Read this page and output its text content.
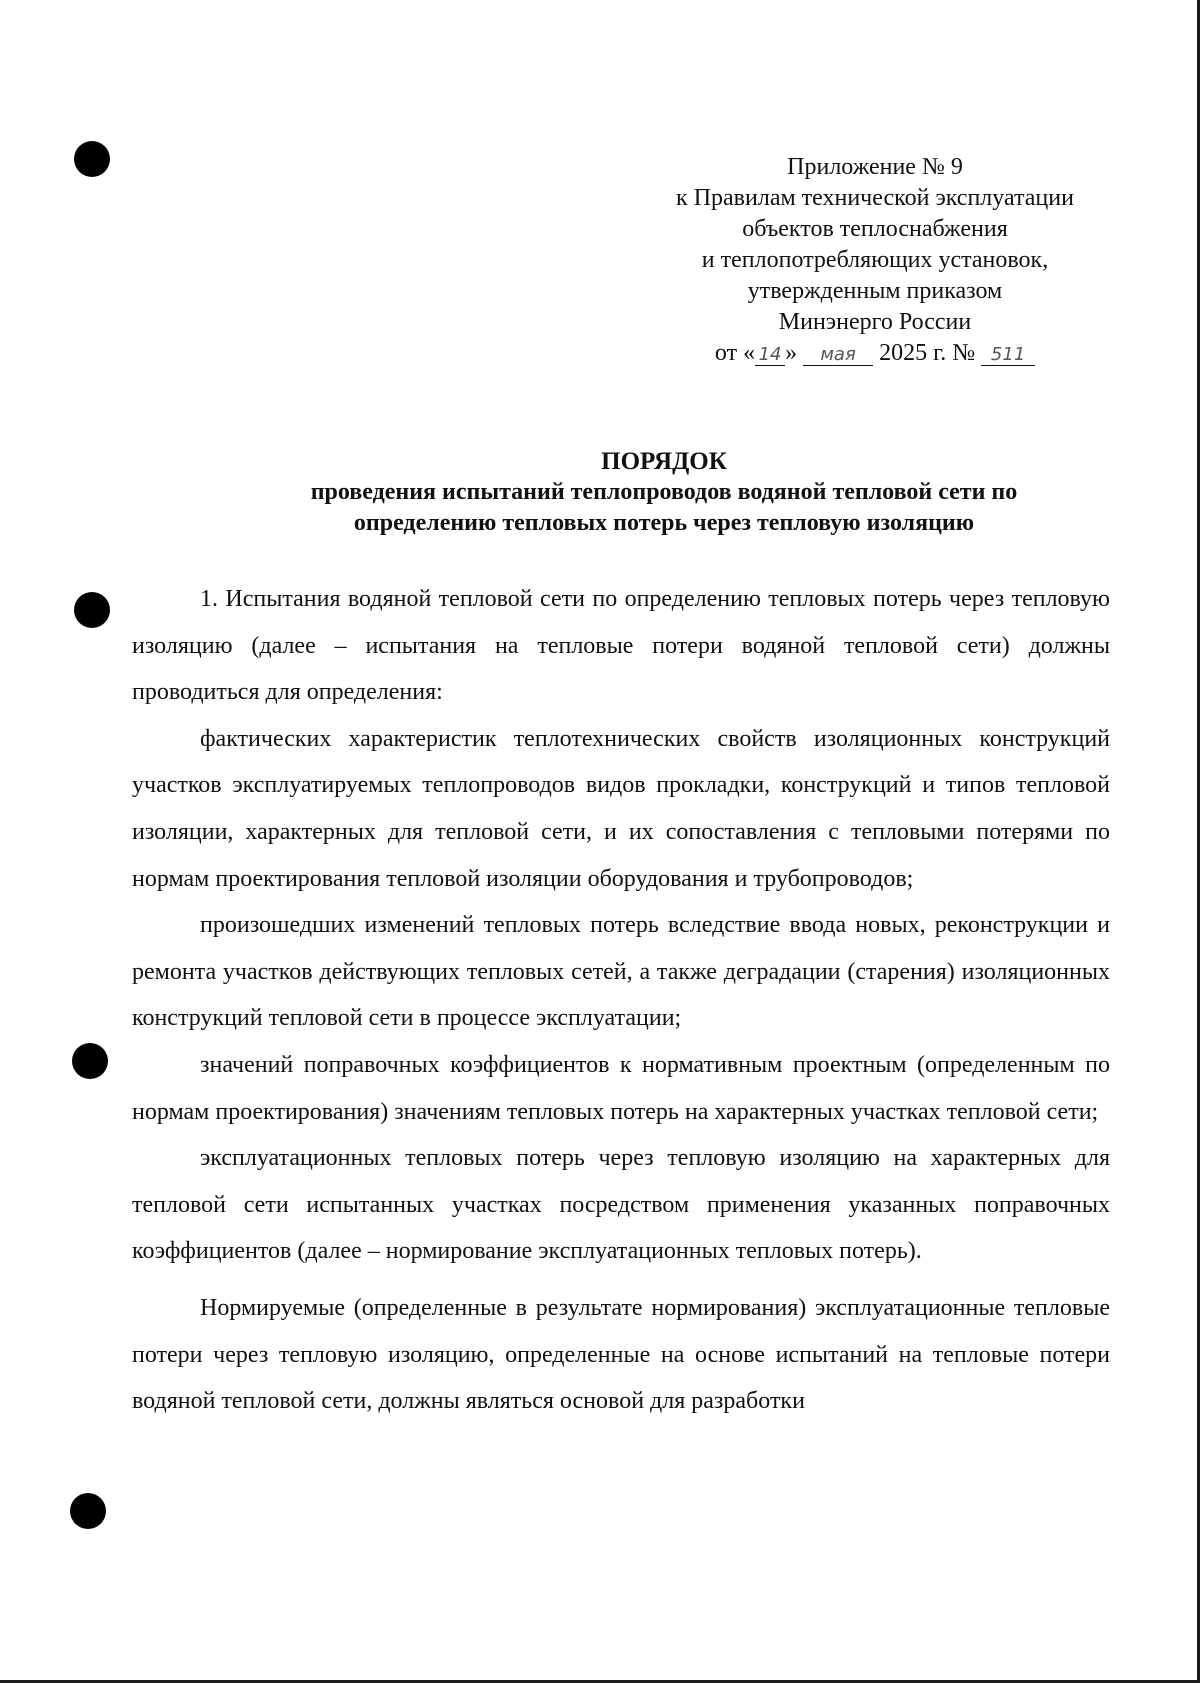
Приложение № 9
к Правилам технической эксплуатации
объектов теплоснабжения
и теплопотребляющих установок,
утвержденным приказом
Минэнерго России
от « 14 » мая 2025 г. № 511
ПОРЯДОК
проведения испытаний теплопроводов водяной тепловой сети по
определению тепловых потерь через тепловую изоляцию

1. Испытания водяной тепловой сети по определению тепловых потерь через тепловую изоляцию (далее – испытания на тепловые потери водяной тепловой сети) должны проводиться для определения:

фактических характеристик теплотехнических свойств изоляционных конструкций участков эксплуатируемых теплопроводов видов прокладки, конструкций и типов тепловой изоляции, характерных для тепловой сети, и их сопоставления с тепловыми потерями по нормам проектирования тепловой изоляции оборудования и трубопроводов;

произошедших изменений тепловых потерь вследствие ввода новых, реконструкции и ремонта участков действующих тепловых сетей, а также деградации (старения) изоляционных конструкций тепловой сети в процессе эксплуатации;

значений поправочных коэффициентов к нормативным проектным (определенным по нормам проектирования) значениям тепловых потерь на характерных участках тепловой сети;

эксплуатационных тепловых потерь через тепловую изоляцию на характерных для тепловой сети испытанных участках посредством применения указанных поправочных коэффициентов (далее – нормирование эксплуатационных тепловых потерь).

Нормируемые (определенные в результате нормирования) эксплуатационные тепловые потери через тепловую изоляцию, определенные на основе испытаний на тепловые потери водяной тепловой сети, должны являться основой для разработки
